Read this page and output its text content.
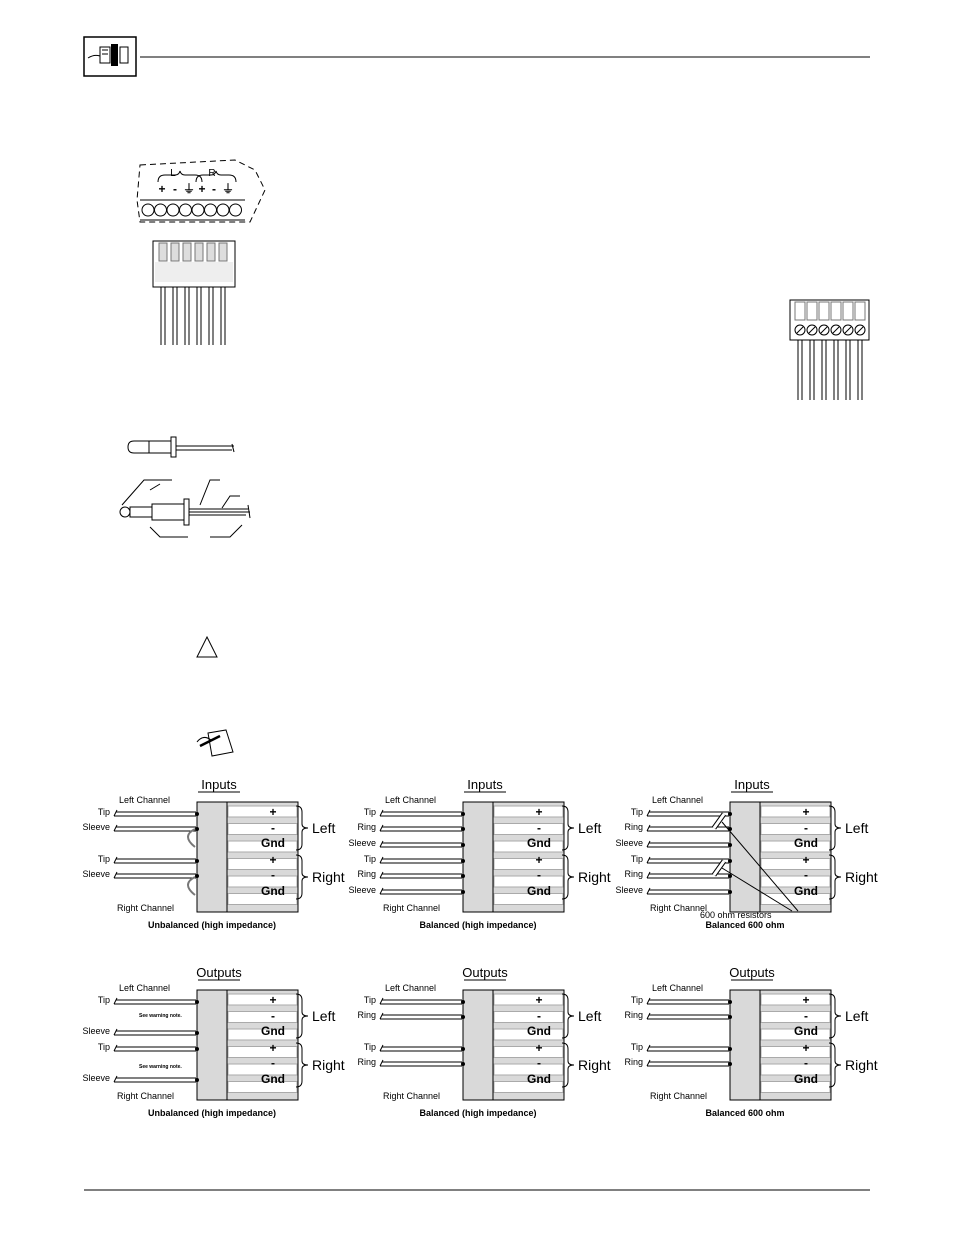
Inputs
Left Channel
Right Channel
+
-
Gnd
+
-
Gnd
Left
Right
Tip
Sleeve
Tip
Sleeve
Unbalanced (high impedance)
Inputs
Left Channel
Right Channel
+
-
Gnd
+
-
Gnd
Left
Right
Tip
Ring
Sleeve
Tip
Ring
Sleeve
Balanced (high impedance)
Inputs
Left Channel
Right Channel
+
-
Gnd
+
-
Gnd
Left
Right
Tip
Ring
Sleeve
Tip
Ring
Sleeve
600 ohm resistors
Balanced 600 ohm
Outputs
Left Channel
Right Channel
+
-
Gnd
+
-
Gnd
Left
Right
Tip
Sleeve
Tip
Sleeve
See warning note.
See warning note.
Unbalanced (high impedance)
Outputs
Left Channel
Right Channel
+
-
Gnd
+
-
Gnd
Left
Right
Tip
Ring
Tip
Ring
Balanced (high impedance)
Outputs
Left Channel
Right Channel
+
-
Gnd
+
-
Gnd
Left
Right
Tip
Ring
Tip
Ring
Balanced 600 ohm
L	R
+ - ⏚ + - ⏚
